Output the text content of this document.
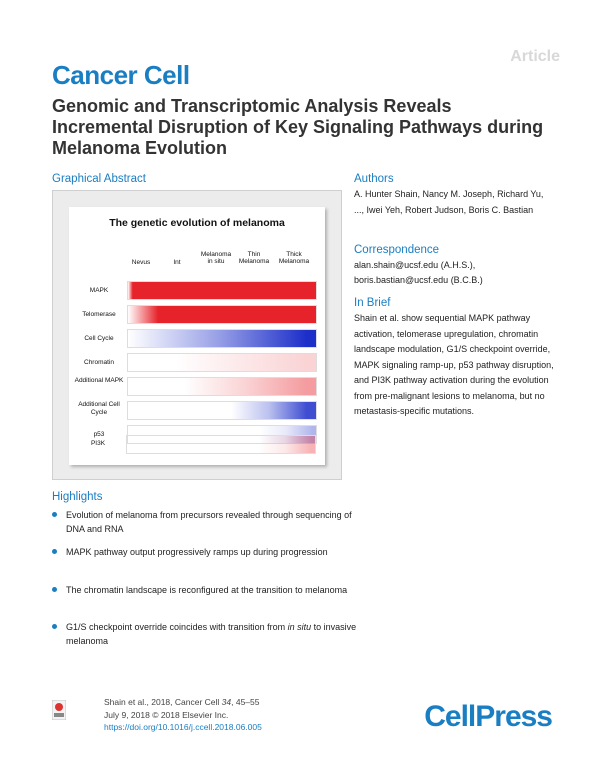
Article
Cancer Cell
Genomic and Transcriptomic Analysis Reveals Incremental Disruption of Key Signaling Pathways during Melanoma Evolution
Graphical Abstract
The genetic evolution of melanoma
Nevus	Int
Melanoma in situ
Thin Melanoma
Thick Melanoma
MAPK
Telomerase
Cell Cycle
Chromatin
Additional MAPK
Additional Cell Cycle
p53
PI3K
Authors
A. Hunter Shain, Nancy M. Joseph, Richard Yu, ..., Iwei Yeh, Robert Judson, Boris C. Bastian
Correspondence
alan.shain@ucsf.edu (A.H.S.),
boris.bastian@ucsf.edu (B.C.B.)
In Brief
Shain et al. show sequential MAPK pathway activation, telomerase upregulation, chromatin landscape modulation, G1/S checkpoint override, MAPK signaling ramp-up, p53 pathway disruption, and PI3K pathway activation during the evolution from pre-malignant lesions to melanoma, but no metastasis-specific mutations.
Highlights
Evolution of melanoma from precursors revealed through sequencing of DNA and RNA
MAPK pathway output progressively ramps up during progression
The chromatin landscape is reconfigured at the transition to melanoma
G1/S checkpoint override coincides with transition from in situ to invasive melanoma
Shain et al., 2018, Cancer Cell 34, 45–55
July 9, 2018 © 2018 Elsevier Inc.
https://doi.org/10.1016/j.ccell.2018.06.005	CellPress
